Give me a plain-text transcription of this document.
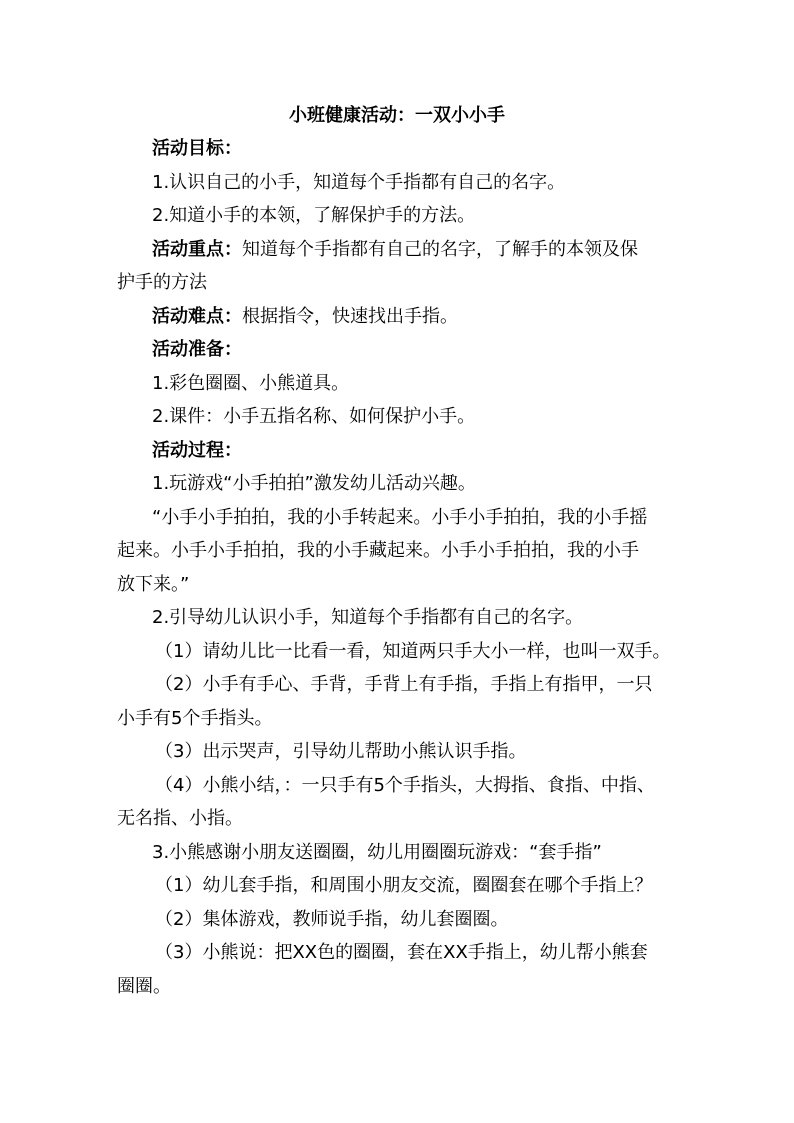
小班健康活动：一双小小手
活动目标：
1.认识自己的小手，知道每个手指都有自己的名字。
2.知道小手的本领，了解保护手的方法。
活动重点：知道每个手指都有自己的名字，了解手的本领及保
护手的方法
活动难点：根据指令，快速找出手指。
活动准备：
1.彩色圈圈、小熊道具。
2.课件：小手五指名称、如何保护小手。
活动过程：
1.玩游戏“小手拍拍”激发幼儿活动兴趣。
“小手小手拍拍，我的小手转起来。小手小手拍拍，我的小手摇
起来。小手小手拍拍，我的小手藏起来。小手小手拍拍，我的小手
放下来。”
2.引导幼儿认识小手，知道每个手指都有自己的名字。
（1）请幼儿比一比看一看，知道两只手大小一样，也叫一双手。
（2）小手有手心、手背，手背上有手指，手指上有指甲，一只
小手有5个手指头。
（3）出示哭声，引导幼儿帮助小熊认识手指。
（4）小熊小结，：一只手有5个手指头，大拇指、食指、中指、
无名指、小指。
3.小熊感谢小朋友送圈圈，幼儿用圈圈玩游戏：“套手指”
（1）幼儿套手指，和周围小朋友交流，圈圈套在哪个手指上？
（2）集体游戏，教师说手指，幼儿套圈圈。
（3）小熊说：把XX色的圈圈，套在XX手指上，幼儿帮小熊套
圈圈。
